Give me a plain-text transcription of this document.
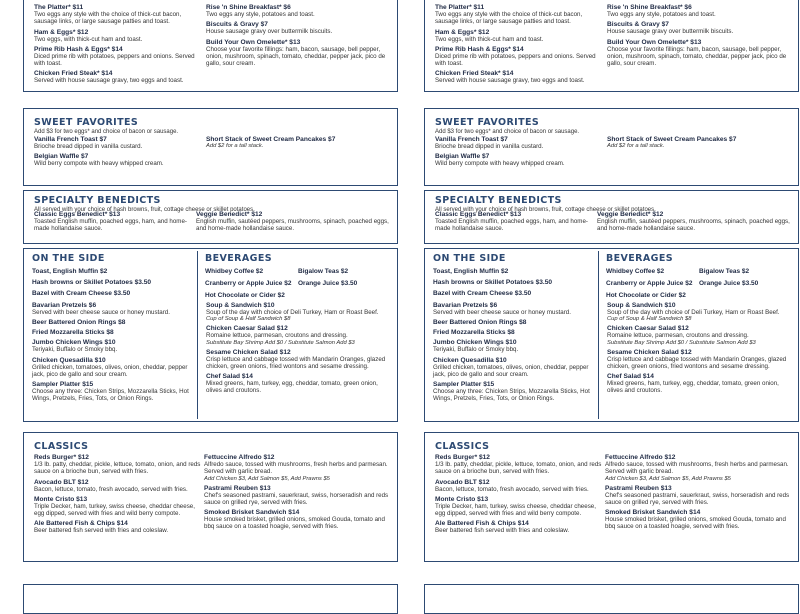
The Platter* $11
Two eggs any style with the choice of thick-cut bacon, sausage links, or large sausage patties and toast.
Ham & Eggs* $12
Two eggs, with thick-cut ham and toast.
Prime Rib Hash & Eggs* $14
Diced prime rib with potatoes, peppers and onions. Served with toast.
Chicken Fried Steak* $14
Served with house sausage gravy, two eggs and toast.
Rise 'n Shine Breakfast* $6
Two eggs any style, potatoes and toast.
Biscuits & Gravy $7
House sausage gravy over buttermilk biscuits.
Build Your Own Omelette* $13
Choose your favorite fillings: ham, bacon, sausage, bell pepper, onion, mushroom, spinach, tomato, cheddar, pepper jack, pico de gallo, sour cream.
SWEET FAVORITES
Add $3 for two eggs* and choice of bacon or sausage.
Vanilla French Toast $7
Brioche bread dipped in vanilla custard.
Belgian Waffle $7
Wild berry compote with heavy whipped cream.
Short Stack of Sweet Cream Pancakes $7
Add $2 for a tall stack.
SPECIALTY BENEDICTS
All served with your choice of hash browns, fruit, cottage cheese or skillet potatoes.
Classic Eggs Benedict* $13
Toasted English muffin, poached eggs, ham, and home-made hollandaise sauce.
Veggie Benedict* $12
English muffin, sautéed peppers, mushrooms, spinach, poached eggs, and home-made hollandaise sauce.
ON THE SIDE
Toast, English Muffin $2
Hash browns or Skillet Potatoes $3.50
Bazel with Cream Cheese $3.50
BEVERAGES
Whidbey Coffee $2	Bigalow Teas $2
Cranberry or Apple Juice $2	Orange Juice $3.50
Hot Chocolate or Cider $2
Bavarian Pretzels $6
Served with beer cheese sauce or honey mustard.
Beer Battered Onion Rings $8
Fried Mozzarella Sticks $8
Jumbo Chicken Wings $10
Teriyaki, Buffalo or Smoky bbq.
Chicken Quesadilla $10
Grilled chicken, tomatoes, olives, onion, cheddar, pepper jack, pico de gallo and sour cream.
Sampler Platter $15
Choose any three: Chicken Strips, Mozzarella Sticks, Hot Wings, Pretzels, Fries, Tots, or Onion Rings.
Soup & Sandwich $10
Soup of the day with choice of Deli Turkey, Ham or Roast Beef.
Cup of Soup & Half Sandwich $8
Chicken Caesar Salad $12
Romaine lettuce, parmesan, croutons and dressing.
Substitute Bay Shrimp Add $0 / Substitute Salmon Add $3
Sesame Chicken Salad $12
Crisp lettuce and cabbage tossed with Mandarin Oranges, glazed chicken, green onions, fried wontons and sesame dressing.
Chef Salad $14
Mixed greens, ham, turkey, egg, cheddar, tomato, green onion, olives and croutons.
CLASSICS
Reds Burger* $12
1/3 lb. patty, cheddar, pickle, lettuce, tomato, onion, and reds sauce on a brioche bun, served with fries.
Avocado BLT $12
Bacon, lettuce, tomato, fresh avocado, served with fries.
Monte Cristo $13
Triple Decker, ham, turkey, swiss cheese, cheddar cheese, egg dipped, served with fries and wild berry compote.
Ale Battered Fish & Chips $14
Beer battered fish served with fries and coleslaw.
Fettuccine Alfredo $12
Alfredo sauce, tossed with mushrooms, fresh herbs and parmesan. Served with garlic bread.
Add Chicken $3, Add Salmon $5, Add Prawns $5
Pastrami Reuben $13
Chef's seasoned pastrami, sauerkraut, swiss, horseradish and reds sauce on grilled rye, served with fries.
Smoked Brisket Sandwich $14
House smoked brisket, grilled onions, smoked Gouda, tomato and bbq sauce on a toasted hoagie, served with fries.
The Platter* $11
Two eggs any style with the choice of thick-cut bacon, sausage links, or large sausage patties and toast.
Ham & Eggs* $12
Two eggs, with thick-cut ham and toast.
Prime Rib Hash & Eggs* $14
Diced prime rib with potatoes, peppers and onions. Served with toast.
Chicken Fried Steak* $14
Served with house sausage gravy, two eggs and toast.
Rise 'n Shine Breakfast* $6
Two eggs any style, potatoes and toast.
Biscuits & Gravy $7
House sausage gravy over buttermilk biscuits.
Build Your Own Omelette* $13
Choose your favorite fillings: ham, bacon, sausage, bell pepper, onion, mushroom, spinach, tomato, cheddar, pepper jack, pico de gallo, sour cream.
SWEET FAVORITES
Add $3 for two eggs* and choice of bacon or sausage.
Vanilla French Toast $7
Brioche bread dipped in vanilla custard.
Belgian Waffle $7
Wild berry compote with heavy whipped cream.
Short Stack of Sweet Cream Pancakes $7
Add $2 for a tall stack.
SPECIALTY BENEDICTS
All served with your choice of hash browns, fruit, cottage cheese or skillet potatoes.
Classic Eggs Benedict* $13
Toasted English muffin, poached eggs, ham, and home-made hollandaise sauce.
Veggie Benedict* $12
English muffin, sautéed peppers, mushrooms, spinach, poached eggs, and home-made hollandaise sauce.
ON THE SIDE
Toast, English Muffin $2
Hash browns or Skillet Potatoes $3.50
Bazel with Cream Cheese $3.50
BEVERAGES
Whidbey Coffee $2	Bigalow Teas $2
Cranberry or Apple Juice $2	Orange Juice $3.50
Hot Chocolate or Cider $2
Bavarian Pretzels $6
Served with beer cheese sauce or honey mustard.
Beer Battered Onion Rings $8
Fried Mozzarella Sticks $8
Jumbo Chicken Wings $10
Teriyaki, Buffalo or Smoky bbq.
Chicken Quesadilla $10
Grilled chicken, tomatoes, olives, onion, cheddar, pepper jack, pico de gallo and sour cream.
Sampler Platter $15
Choose any three: Chicken Strips, Mozzarella Sticks, Hot Wings, Pretzels, Fries, Tots, or Onion Rings.
Soup & Sandwich $10
Soup of the day with choice of Deli Turkey, Ham or Roast Beef.
Cup of Soup & Half Sandwich $8
Chicken Caesar Salad $12
Romaine lettuce, parmesan, croutons and dressing.
Substitute Bay Shrimp Add $0 / Substitute Salmon Add $3
Sesame Chicken Salad $12
Crisp lettuce and cabbage tossed with Mandarin Oranges, glazed chicken, green onions, fried wontons and sesame dressing.
Chef Salad $14
Mixed greens, ham, turkey, egg, cheddar, tomato, green onion, olives and croutons.
CLASSICS
Reds Burger* $12
1/3 lb. patty, cheddar, pickle, lettuce, tomato, onion, and reds sauce on a brioche bun, served with fries.
Avocado BLT $12
Bacon, lettuce, tomato, fresh avocado, served with fries.
Monte Cristo $13
Triple Decker, ham, turkey, swiss cheese, cheddar cheese, egg dipped, served with fries and wild berry compote.
Ale Battered Fish & Chips $14
Beer battered fish served with fries and coleslaw.
Fettuccine Alfredo $12
Alfredo sauce, tossed with mushrooms, fresh herbs and parmesan. Served with garlic bread.
Add Chicken $3, Add Salmon $5, Add Prawns $5
Pastrami Reuben $13
Chef's seasoned pastrami, sauerkraut, swiss, horseradish and reds sauce on grilled rye, served with fries.
Smoked Brisket Sandwich $14
House smoked brisket, grilled onions, smoked Gouda, tomato and bbq sauce on a toasted hoagie, served with fries.
